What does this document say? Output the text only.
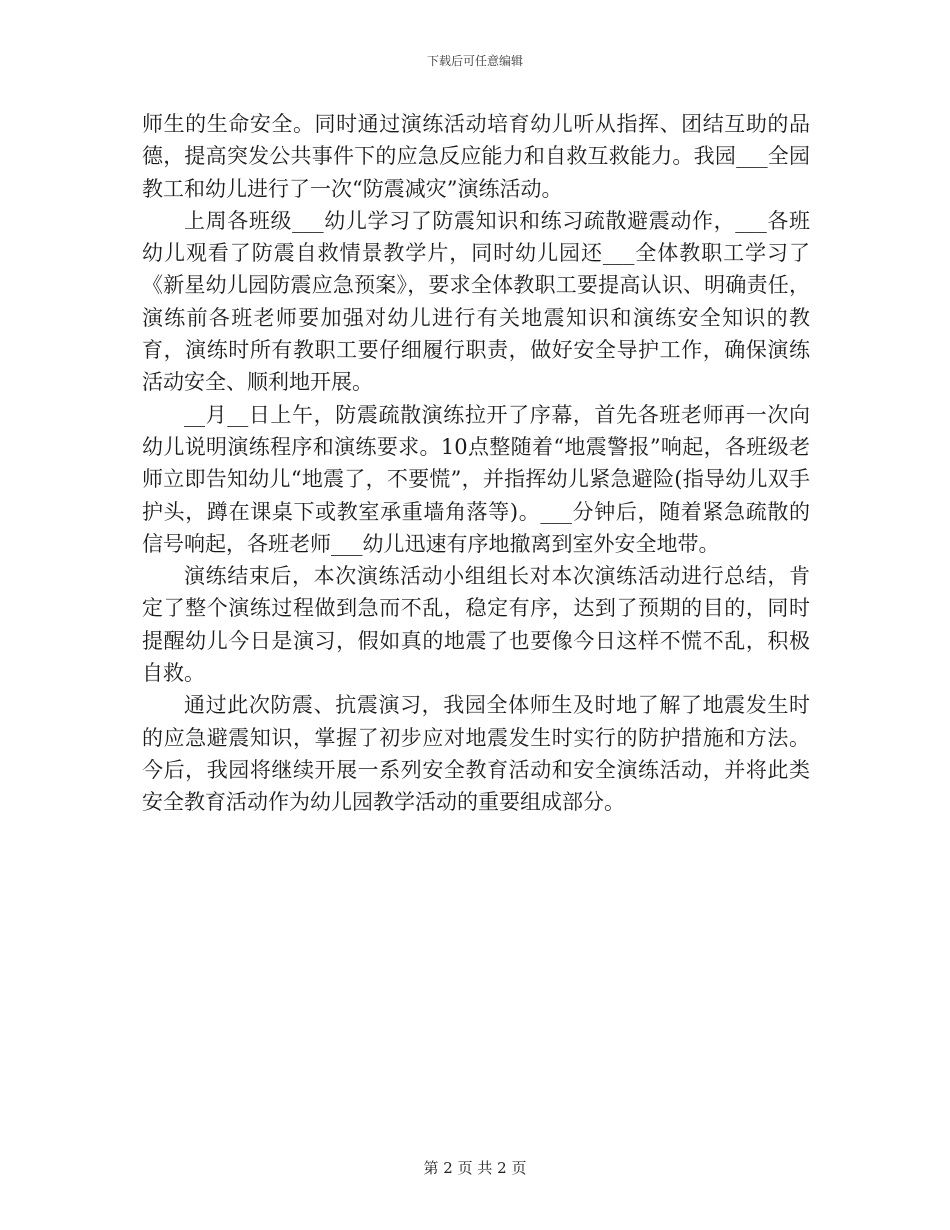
下载后可任意编辑

师生的生命安全。同时通过演练活动培育幼儿听从指挥、团结互助的品德，提高突发公共事件下的应急反应能力和自救互救能力。我园___全园教工和幼儿进行了一次“防震减灾”演练活动。

上周各班级___幼儿学习了防震知识和练习疏散避震动作，___各班幼儿观看了防震自救情景教学片，同时幼儿园还___全体教职工学习了《新星幼儿园防震应急预案》，要求全体教职工要提高认识、明确责任，演练前各班老师要加强对幼儿进行有关地震知识和演练安全知识的教育，演练时所有教职工要仔细履行职责，做好安全导护工作，确保演练活动安全、顺利地开展。

__月__日上午，防震疏散演练拉开了序幕，首先各班老师再一次向幼儿说明演练程序和演练要求。10点整随着“地震警报”响起，各班级老师立即告知幼儿“地震了，不要慌”，并指挥幼儿紧急避险(指导幼儿双手护头，蹲在课桌下或教室承重墙角落等)。___分钟后，随着紧急疏散的信号响起，各班老师___幼儿迅速有序地撤离到室外安全地带。

演练结束后，本次演练活动小组组长对本次演练活动进行总结，肯定了整个演练过程做到急而不乱，稳定有序，达到了预期的目的，同时提醒幼儿今日是演习，假如真的地震了也要像今日这样不慌不乱，积极自救。

通过此次防震、抗震演习，我园全体师生及时地了解了地震发生时的应急避震知识，掌握了初步应对地震发生时实行的防护措施和方法。今后，我园将继续开展一系列安全教育活动和安全演练活动，并将此类安全教育活动作为幼儿园教学活动的重要组成部分。

第 2 页 共 2 页
